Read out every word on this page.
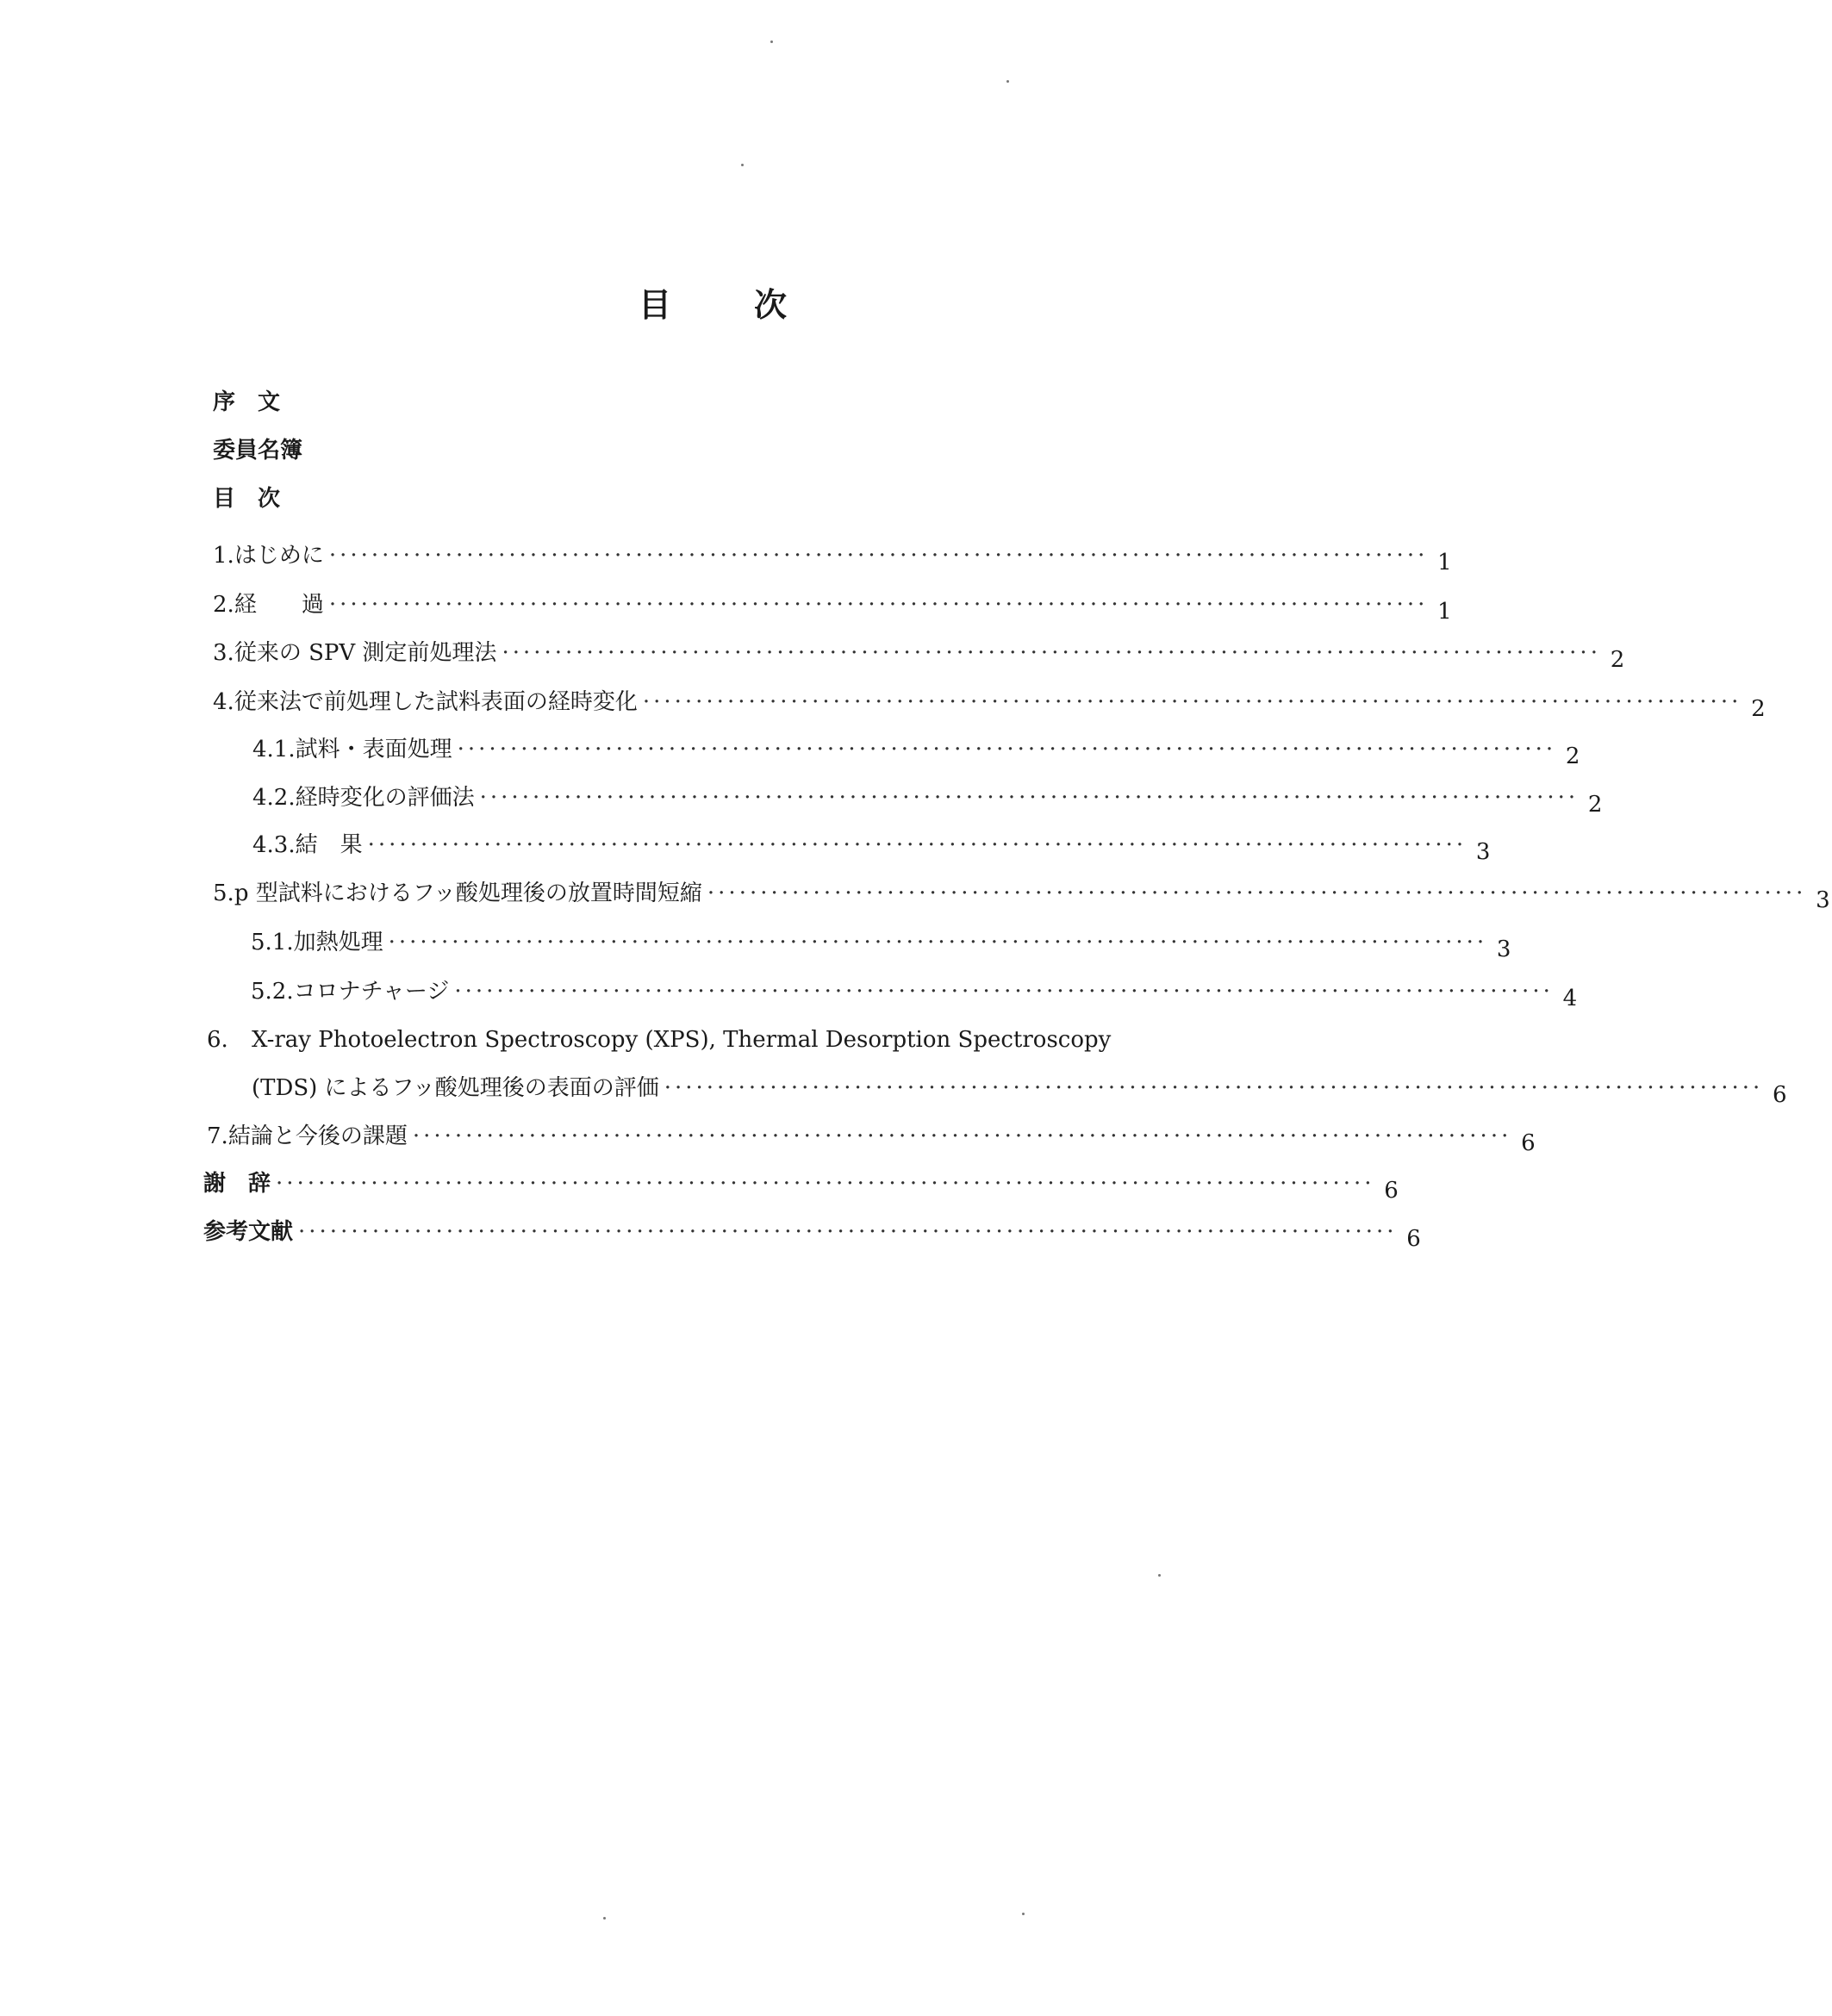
目	次
序　文
委員名簿
目　次
1. はじめに ········································································································ 1
2. 経　　過 ········································································································ 1
3. 従来の SPV 測定前処理法 ········································································································ 2
4. 従来法で前処理した試料表面の経時変化 ········································································································ 2
4.1. 試料・表面処理 ········································································································ 2
4.2. 経時変化の評価法 ········································································································ 2
4.3. 結　果 ········································································································ 3
5. p 型試料におけるフッ酸処理後の放置時間短縮 ········································································································ 3
5.1. 加熱処理 ········································································································ 3
5.2. コロナチャージ ········································································································ 4
6.	X-ray Photoelectron Spectroscopy (XPS), Thermal Desorption Spectroscopy
(TDS) によるフッ酸処理後の表面の評価 ········································································································ 6
7. 結論と今後の課題 ········································································································ 6
謝　辞 ········································································································ 6
参考文献 ········································································································ 6
